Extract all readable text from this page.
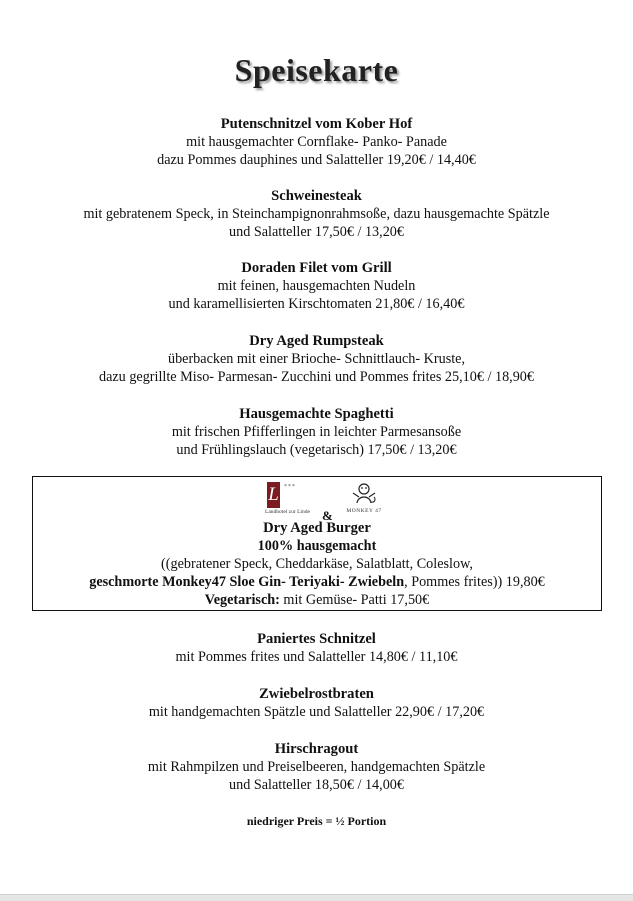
Speisekarte
Putenschnitzel vom Kober Hof
mit hausgemachter Cornflake- Panko- Panade
dazu Pommes dauphines und Salatteller 19,20€ / 14,40€
Schweinesteak
mit gebratenem Speck, in Steinchampignonrahmsoße, dazu hausgemachte Spätzle
und Salatteller 17,50€ / 13,20€
Doraden Filet vom Grill
mit feinen, hausgemachten Nudeln
und karamellisierten Kirschtomaten 21,80€ / 16,40€
Dry Aged Rumpsteak
überbacken mit einer Brioche- Schnittlauch- Kruste,
dazu gegrillte Miso- Parmesan- Zucchini und Pommes frites 25,10€ / 18,90€
Hausgemachte Spaghetti
mit frischen Pfifferlingen in leichter Parmesansoße
und Frühlingslauch (vegetarisch) 17,50€ / 13,20€
L ***
Landhotel zur Linde &	MONKEY 47
Dry Aged Burger
100% hausgemacht
((gebratener Speck, Cheddarkäse, Salatblatt, Coleslow,
geschmorte Monkey47 Sloe Gin- Teriyaki- Zwiebeln, Pommes frites)) 19,80€
Vegetarisch: mit Gemüse- Patti 17,50€
Paniertes Schnitzel
mit Pommes frites und Salatteller 14,80€ / 11,10€
Zwiebelrostbraten
mit handgemachten Spätzle und Salatteller 22,90€ / 17,20€
Hirschragout
mit Rahmpilzen und Preiselbeeren, handgemachten Spätzle
und Salatteller 18,50€ / 14,00€
niedriger Preis = ½ Portion
